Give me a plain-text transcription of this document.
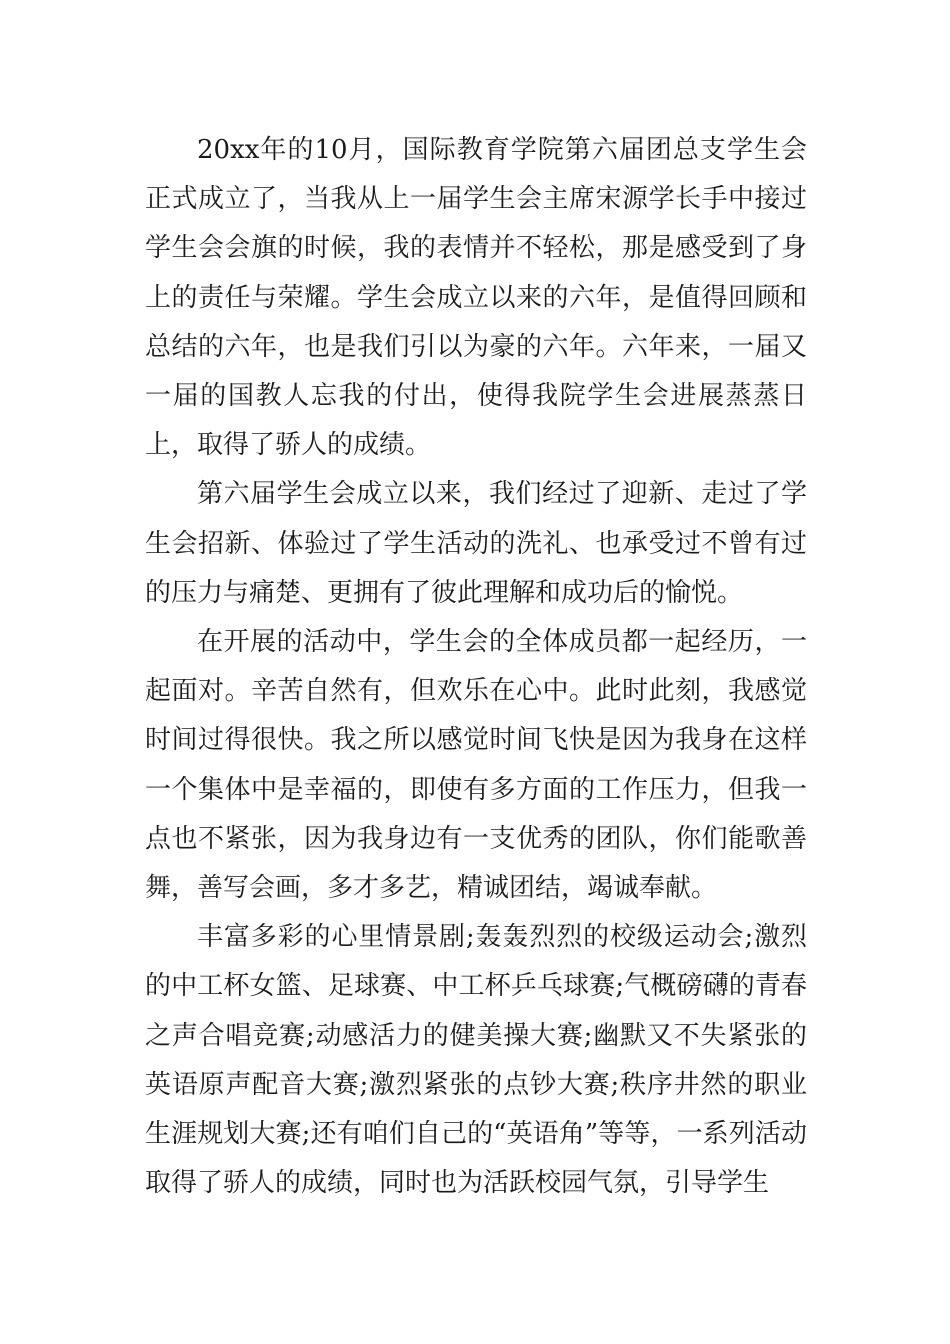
20xx年的10月，国际教育学院第六届团总支学生会正式成立了，当我从上一届学生会主席宋源学长手中接过学生会会旗的时候，我的表情并不轻松，那是感受到了身上的责任与荣耀。学生会成立以来的六年，是值得回顾和总结的六年，也是我们引以为豪的六年。六年来，一届又一届的国教人忘我的付出，使得我院学生会进展蒸蒸日上，取得了骄人的成绩。

第六届学生会成立以来，我们经过了迎新、走过了学生会招新、体验过了学生活动的洗礼、也承受过不曾有过的压力与痛楚、更拥有了彼此理解和成功后的愉悦。

在开展的活动中，学生会的全体成员都一起经历，一起面对。辛苦自然有，但欢乐在心中。此时此刻，我感觉时间过得很快。我之所以感觉时间飞快是因为我身在这样一个集体中是幸福的，即使有多方面的工作压力，但我一点也不紧张，因为我身边有一支优秀的团队，你们能歌善舞，善写会画，多才多艺，精诚团结，竭诚奉献。

丰富多彩的心里情景剧;轰轰烈烈的校级运动会;激烈的中工杯女篮、足球赛、中工杯乒乓球赛;气概磅礴的青春之声合唱竞赛;动感活力的健美操大赛;幽默又不失紧张的英语原声配音大赛;激烈紧张的点钞大赛;秩序井然的职业生涯规划大赛;还有咱们自己的“英语角”等等，一系列活动取得了骄人的成绩，同时也为活跃校园气氛，引导学生
